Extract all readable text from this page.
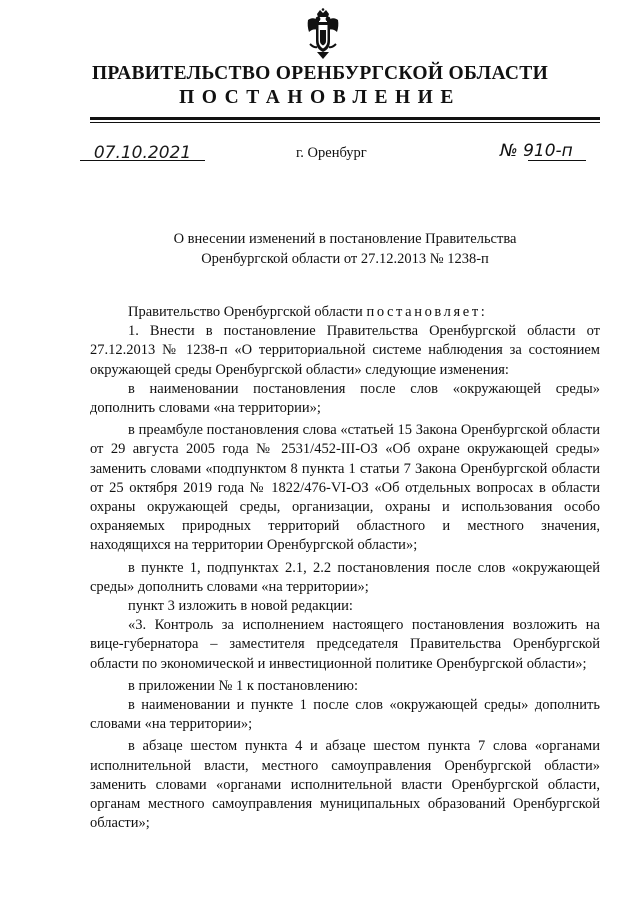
ПРАВИТЕЛЬСТВО ОРЕНБУРГСКОЙ ОБЛАСТИ
ПОСТАНОВЛЕНИЕ
07.10.2021	г. Оренбург	№ 910-п
О внесении изменений в постановление Правительства
Оренбургской области от 27.12.2013 № 1238-п

Правительство Оренбургской области постановляет:

1. Внести в постановление Правительства Оренбургской области от 27.12.2013 № 1238-п «О территориальной системе наблюдения за состоянием окружающей среды Оренбургской области» следующие изменения:

в наименовании постановления после слов «окружающей среды» дополнить словами «на территории»;

в преамбуле постановления слова «статьей 15 Закона Оренбургской области от 29 августа 2005 года № 2531/452-III-ОЗ «Об охране окружающей среды» заменить словами «подпунктом 8 пункта 1 статьи 7 Закона Оренбургской области от 25 октября 2019 года № 1822/476-VI-ОЗ «Об отдельных вопросах в области охраны окружающей среды, организации, охраны и использования особо охраняемых природных территорий областного и местного значения, находящихся на территории Оренбургской области»;

в пункте 1, подпунктах 2.1, 2.2 постановления после слов «окружающей среды» дополнить словами «на территории»;

пункт 3 изложить в новой редакции:

«3. Контроль за исполнением настоящего постановления возложить на вице-губернатора – заместителя председателя Правительства Оренбургской области по экономической и инвестиционной политике Оренбургской области»;

в приложении № 1 к постановлению:

в наименовании и пункте 1 после слов «окружающей среды» дополнить словами «на территории»;

в абзаце шестом пункта 4 и абзаце шестом пункта 7 слова «органами исполнительной власти, местного самоуправления Оренбургской области» заменить словами «органами исполнительной власти Оренбургской области, органам местного самоуправления муниципальных образований Оренбургской области»;
